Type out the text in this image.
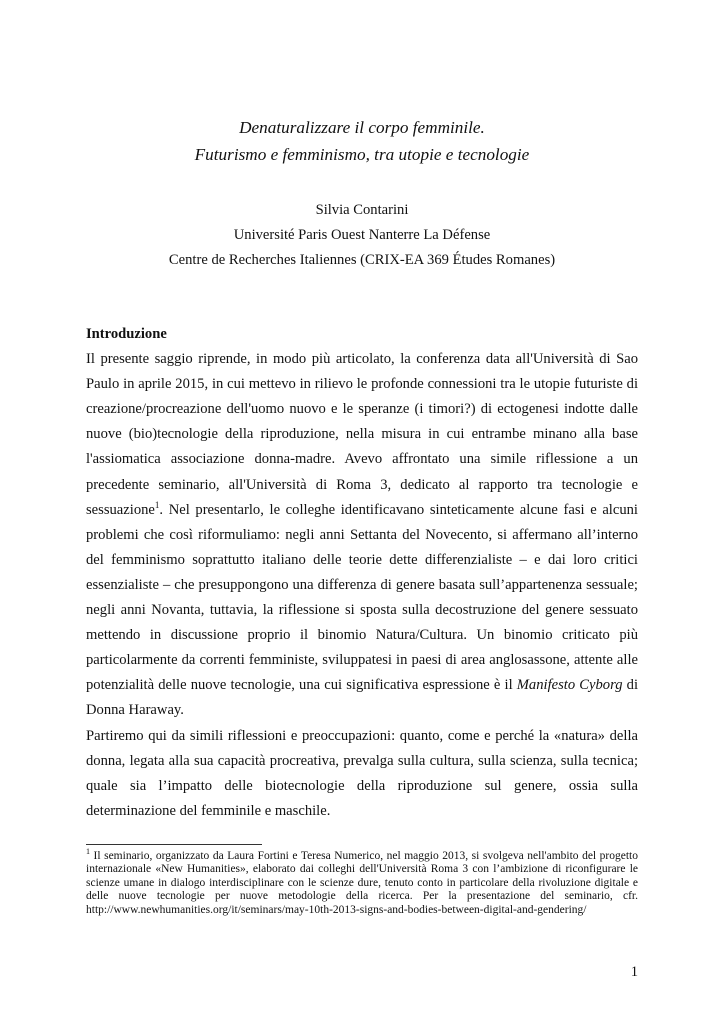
Denaturalizzare il corpo femminile.

Futurismo e femminismo, tra utopie e tecnologie

Silvia Contarini
Université Paris Ouest Nanterre La Défense
Centre de Recherches Italiennes (CRIX-EA 369 Études Romanes)

Introduzione

Il presente saggio riprende, in modo più articolato, la conferenza data all'Università di Sao Paulo in aprile 2015, in cui mettevo in rilievo le profonde connessioni tra le utopie futuriste di creazione/procreazione dell'uomo nuovo e le speranze (i timori?) di ectogenesi indotte dalle nuove (bio)tecnologie della riproduzione, nella misura in cui entrambe minano alla base l'assiomatica associazione donna-madre. Avevo affrontato una simile riflessione a un precedente seminario, all'Università di Roma 3, dedicato al rapporto tra tecnologie e sessuazione$^1$. Nel presentarlo, le colleghe identificavano sinteticamente alcune fasi e alcuni problemi che così riformuliamo: negli anni Settanta del Novecento, si affermano all’interno del femminismo soprattutto italiano delle teorie dette differenzialiste – e dai loro critici essenzialiste – che presuppongono una differenza di genere basata sull’appartenenza sessuale; negli anni Novanta, tuttavia, la riflessione si sposta sulla decostruzione del genere sessuato mettendo in discussione proprio il binomio Natura/Cultura. Un binomio criticato più particolarmente da correnti femministe, sviluppatesi in paesi di area anglosassone, attente alle potenzialità delle nuove tecnologie, una cui significativa espressione è il Manifesto Cyborg di Donna Haraway.

Partiremo qui da simili riflessioni e preoccupazioni: quanto, come e perché la «natura» della donna, legata alla sua capacità procreativa, prevalga sulla cultura, sulla scienza, sulla tecnica; quale sia l’impatto delle biotecnologie della riproduzione sul genere, ossia sulla determinazione del femminile e maschile.

$^1$ Il seminario, organizzato da Laura Fortini e Teresa Numerico, nel maggio 2013, si svolgeva nell'ambito del progetto internazionale «New Humanities», elaborato dai colleghi dell'Università Roma 3 con l’ambizione di riconfigurare le scienze umane in dialogo interdisciplinare con le scienze dure, tenuto conto in particolare della rivoluzione digitale e delle nuove tecnologie per nuove metodologie della ricerca. Per la presentazione del seminario, cfr. http://www.newhumanities.org/it/seminars/may-10th-2013-signs-and-bodies-between-digital-and-gendering/
1
